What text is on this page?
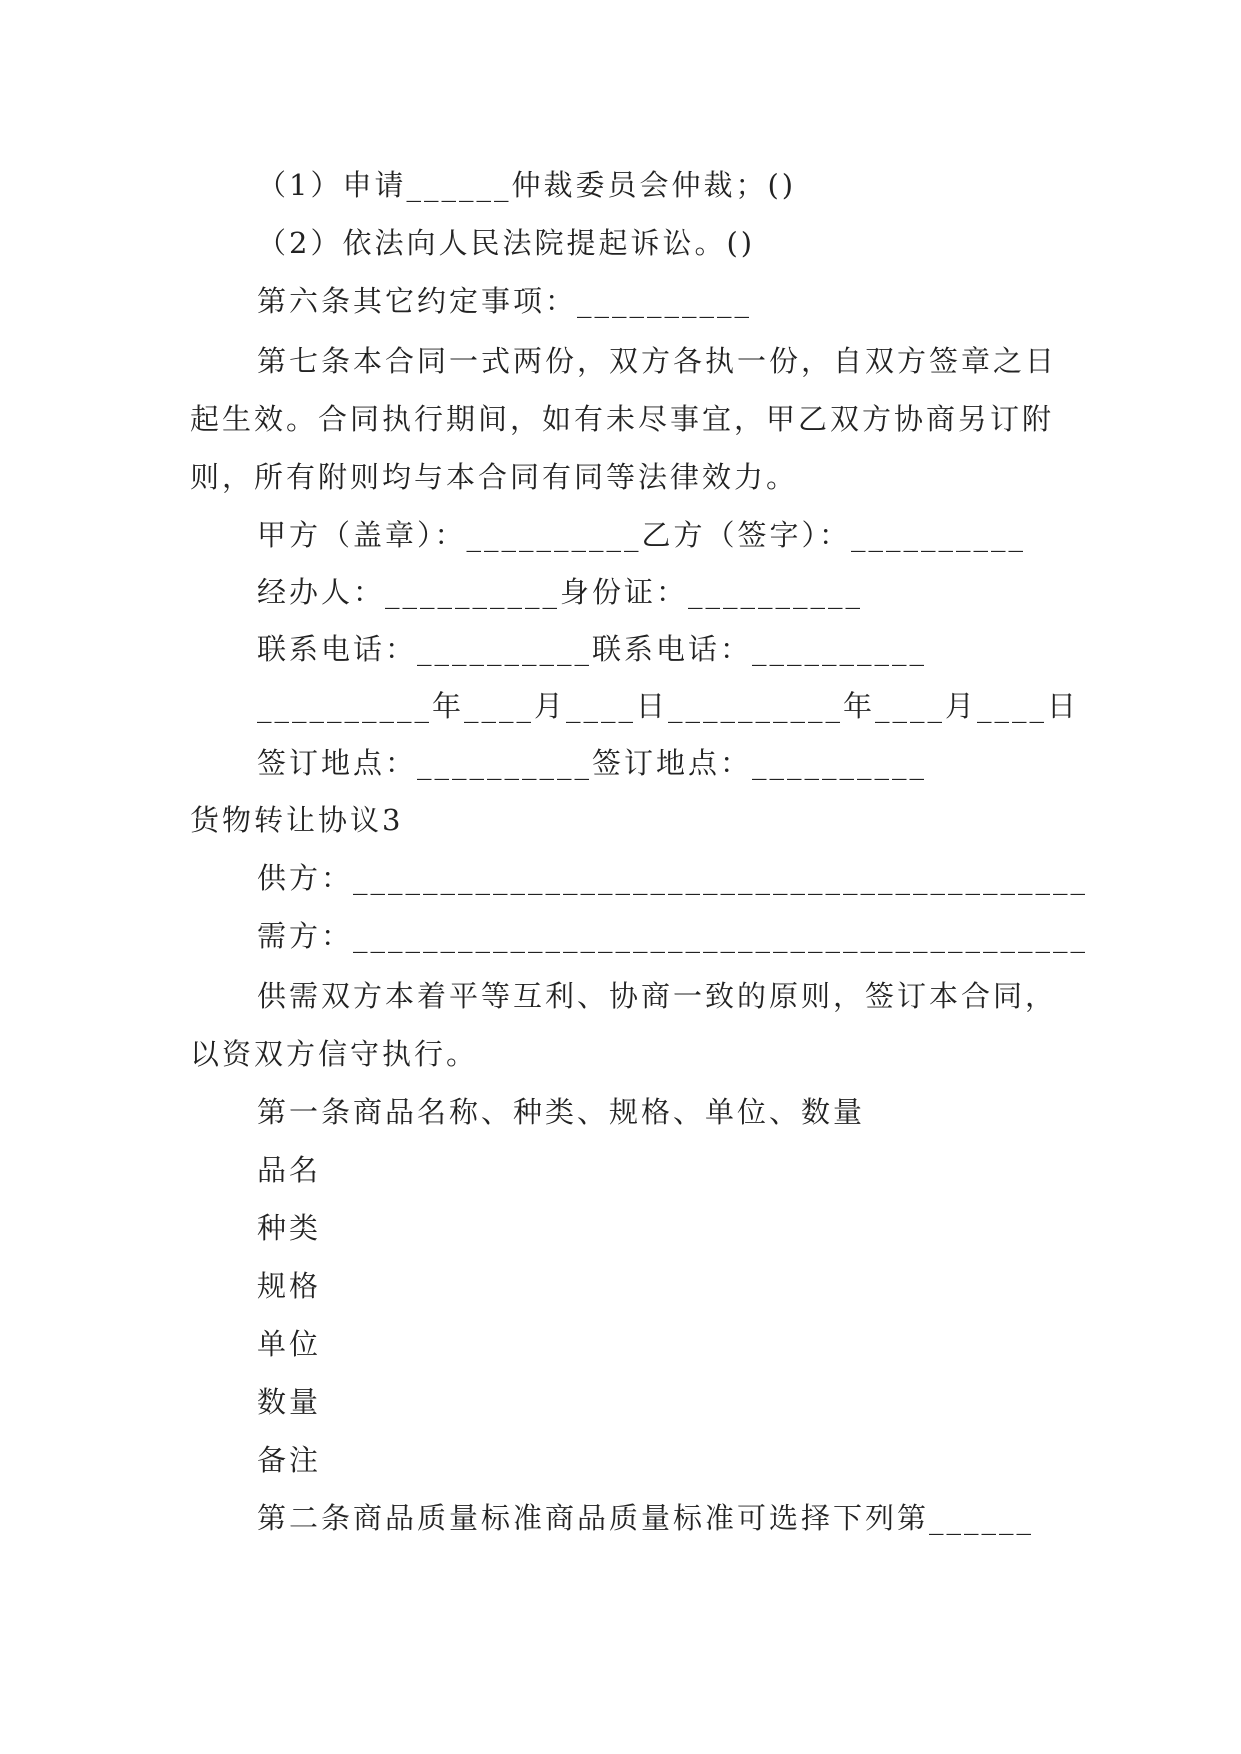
（1）申请______仲裁委员会仲裁；()
（2）依法向人民法院提起诉讼。()
第六条其它约定事项：__________
第七条本合同一式两份，双方各执一份，自双方签章之日起生效。合同执行期间，如有未尽事宜，甲乙双方协商另订附则，所有附则均与本合同有同等法律效力。
甲方（盖章）：__________乙方（签字）：__________
经办人：__________身份证：__________
联系电话：__________联系电话：__________
__________年____月____日__________年____月____日
签订地点：__________签订地点：__________
货物转让协议3
供方：__________________________________________
需方：__________________________________________
供需双方本着平等互利、协商一致的原则，签订本合同，以资双方信守执行。
第一条商品名称、种类、规格、单位、数量
品名
种类
规格
单位
数量
备注
第二条商品质量标准商品质量标准可选择下列第______
